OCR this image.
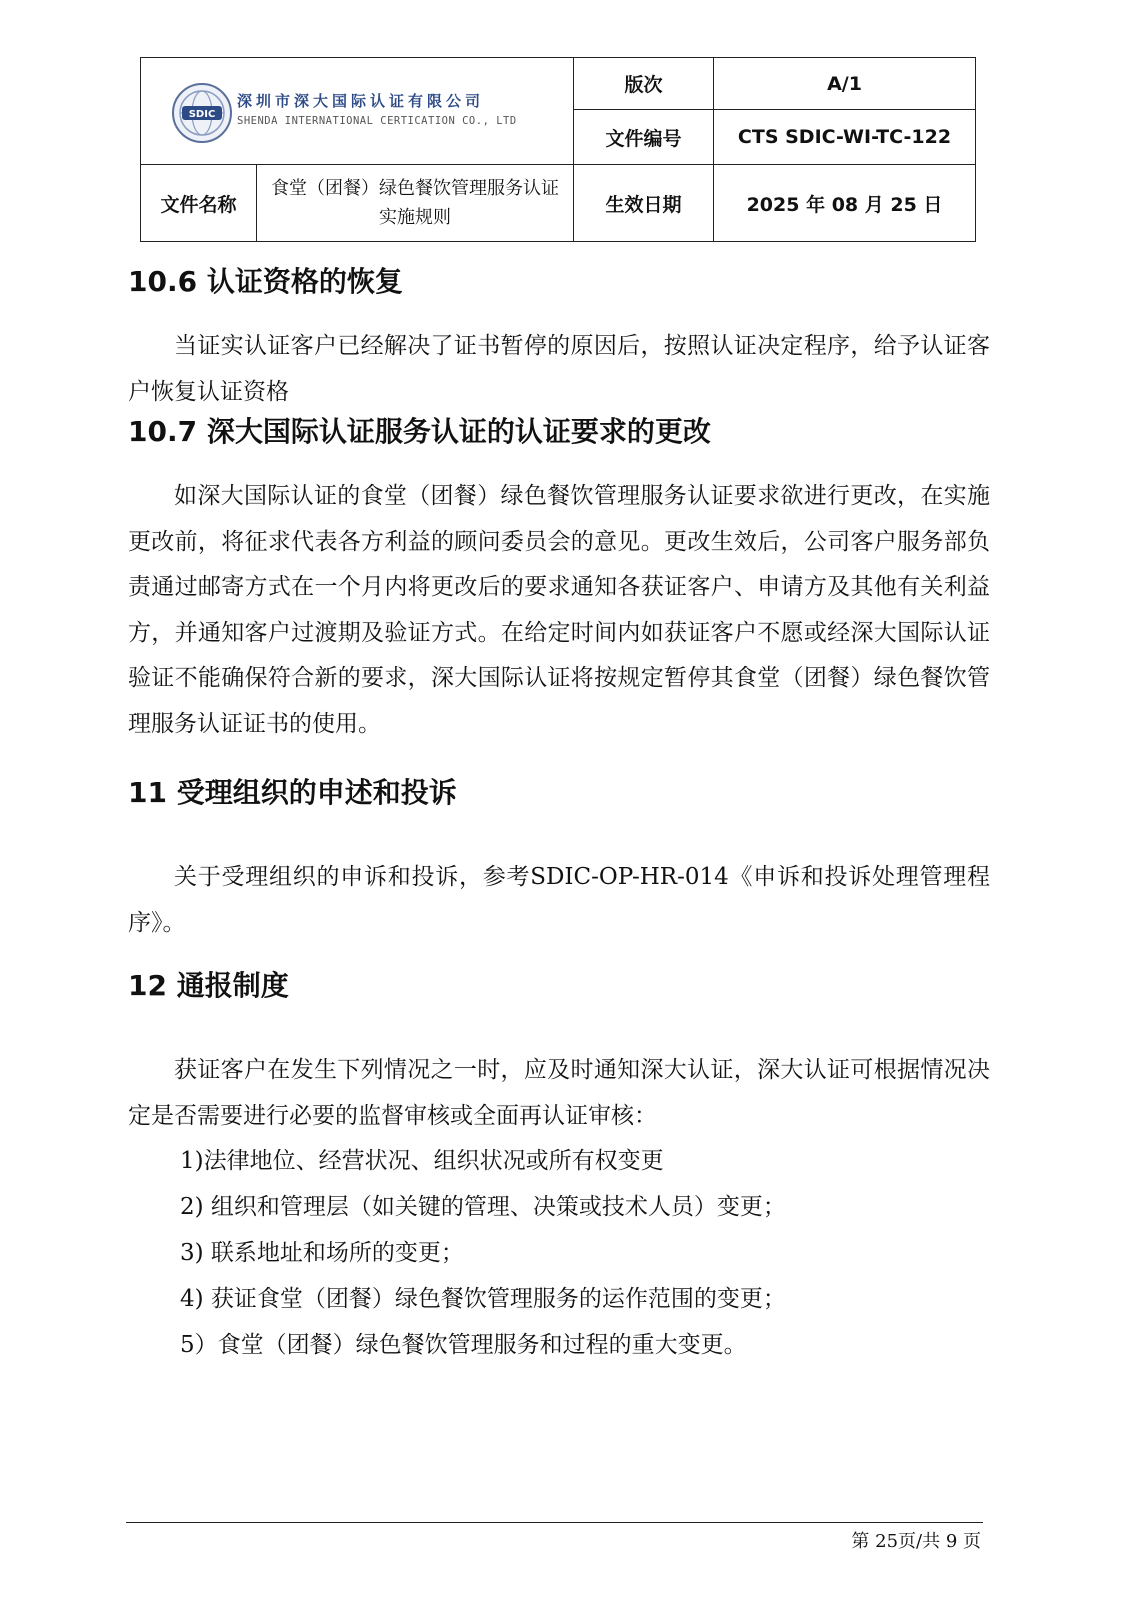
SDIC
深圳市深大国际认证有限公司
SHENDA INTERNATIONAL CERTICATION CO., LTD		版次	A/1
		文件编号	CTS SDIC-WI-TC-122
文件名称	食堂（团餐）绿色餐饮管理服务认证实施规则	生效日期	2025 年 08 月 25 日
10.6 认证资格的恢复

当证实认证客户已经解决了证书暂停的原因后，按照认证决定程序，给予认证客户恢复认证资格

10.7 深大国际认证服务认证的认证要求的更改

如深大国际认证的食堂（团餐）绿色餐饮管理服务认证要求欲进行更改，在实施更改前，将征求代表各方利益的顾问委员会的意见。更改生效后，公司客户服务部负责通过邮寄方式在一个月内将更改后的要求通知各获证客户、申请方及其他有关利益方，并通知客户过渡期及验证方式。在给定时间内如获证客户不愿或经深大国际认证验证不能确保符合新的要求，深大国际认证将按规定暂停其食堂（团餐）绿色餐饮管理服务认证证书的使用。

11 受理组织的申述和投诉

关于受理组织的申诉和投诉，参考SDIC-OP-HR-014《申诉和投诉处理管理程序》。

12 通报制度

获证客户在发生下列情况之一时，应及时通知深大认证，深大认证可根据情况决定是否需要进行必要的监督审核或全面再认证审核：

1)法律地位、经营状况、组织状况或所有权变更
2) 组织和管理层（如关键的管理、决策或技术人员）变更；
3) 联系地址和场所的变更；
4) 获证食堂（团餐）绿色餐饮管理服务的运作范围的变更；
5）食堂（团餐）绿色餐饮管理服务和过程的重大变更。
第 25页/共 9 页
